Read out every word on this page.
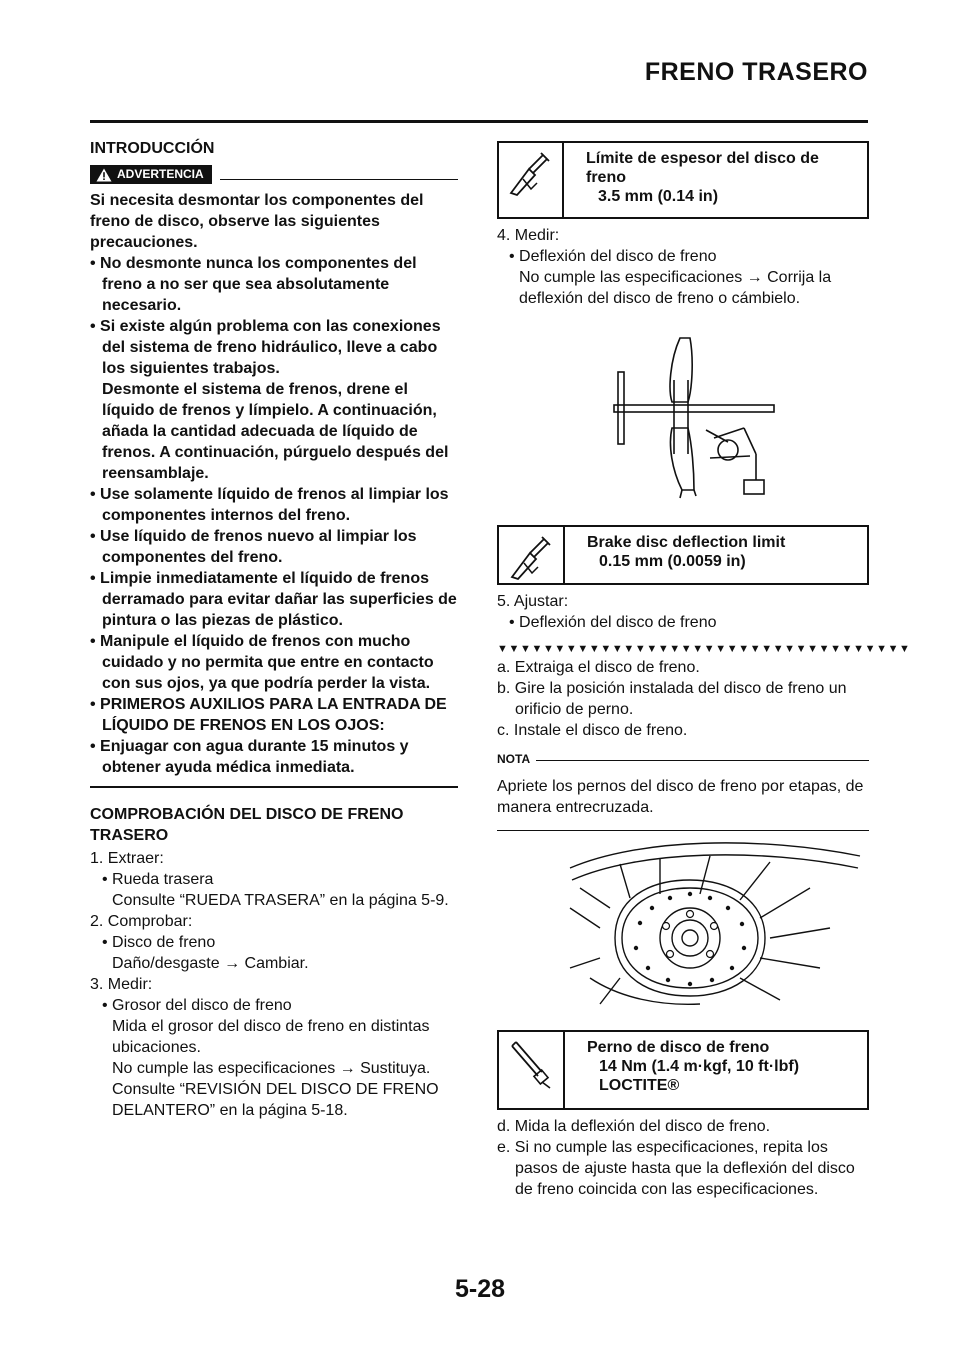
FRENO TRASERO
INTRODUCCIÓN
ADVERTENCIA
Si necesita desmontar los componentes del freno de disco, observe las siguientes precauciones.
• No desmonte nunca los componentes del freno a no ser que sea absolutamente necesario.
• Si existe algún problema con las conexiones del sistema de freno hidráulico, lleve a cabo los siguientes trabajos.
Desmonte el sistema de frenos, drene el líquido de frenos y límpielo. A continuación, añada la cantidad adecuada de líquido de frenos. A continuación, púrguelo después del reensamblaje.
• Use solamente líquido de frenos al limpiar los componentes internos del freno.
• Use líquido de frenos nuevo al limpiar los componentes del freno.
• Limpie inmediatamente el líquido de frenos derramado para evitar dañar las superficies de pintura o las piezas de plástico.
• Manipule el líquido de frenos con mucho cuidado y no permita que entre en contacto con sus ojos, ya que podría perder la vista.
• PRIMEROS AUXILIOS PARA LA ENTRADA DE LÍQUIDO DE FRENOS EN LOS OJOS:
• Enjuagar con agua durante 15 minutos y obtener ayuda médica inmediata.
COMPROBACIÓN DEL DISCO DE FRENO TRASERO
1. Extraer:
• Rueda trasera
Consulte “RUEDA TRASERA” en la página 5-9.
2. Comprobar:
• Disco de freno
Daño/desgaste → Cambiar.
3. Medir:
• Grosor del disco de freno
Mida el grosor del disco de freno en distintas ubicaciones.
No cumple las especificaciones → Sustituya.
Consulte “REVISIÓN DEL DISCO DE FRENO DELANTERO” en la página 5-18.
Límite de espesor del disco de freno
3.5 mm (0.14 in)
4. Medir:
• Deflexión del disco de freno
No cumple las especificaciones → Corrija la deflexión del disco de freno o cámbielo.
Brake disc deflection limit
0.15 mm (0.0059 in)
5. Ajustar:
• Deflexión del disco de freno
▼▼▼▼▼▼▼▼▼▼▼▼▼▼▼▼▼▼▼▼▼▼▼▼▼▼▼▼▼▼▼▼▼▼▼▼
a. Extraiga el disco de freno.
b. Gire la posición instalada del disco de freno un orificio de perno.
c. Instale el disco de freno.
NOTA
Apriete los pernos del disco de freno por etapas, de manera entrecruzada.
Perno de disco de freno
14 Nm (1.4 m·kgf, 10 ft·lbf)
LOCTITE®
d. Mida la deflexión del disco de freno.
e. Si no cumple las especificaciones, repita los pasos de ajuste hasta que la deflexión del disco de freno coincida con las especificaciones.
5-28
